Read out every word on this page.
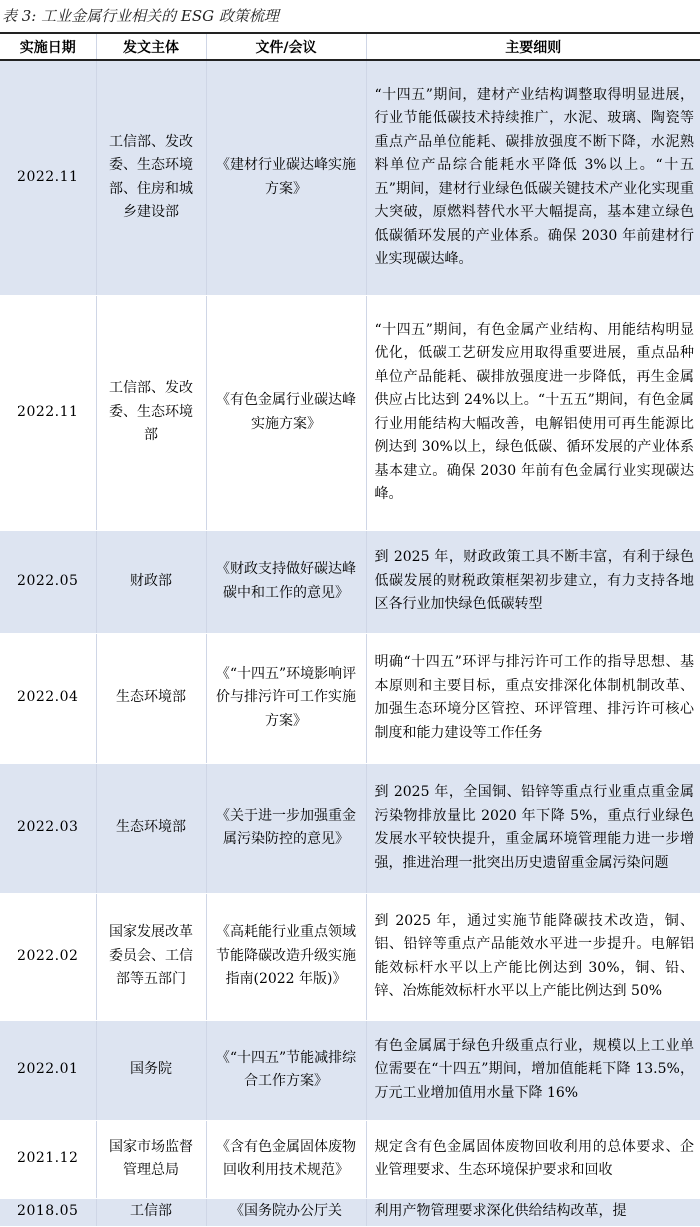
表 3: 工业金属行业相关的 ESG 政策梳理
实施日期	发文主体	文件/会议	主要细则
2022.11	工信部、发改委、生态环境部、住房和城乡建设部	《建材行业碳达峰实施方案》	“十四五”期间，建材产业结构调整取得明显进展，行业节能低碳技术持续推广，水泥、玻璃、陶瓷等重点产品单位能耗、碳排放强度不断下降，水泥熟料单位产品综合能耗水平降低 3%以上。“十五五”期间，建材行业绿色低碳关键技术产业化实现重大突破，原燃料替代水平大幅提高，基本建立绿色低碳循环发展的产业体系。确保 2030 年前建材行业实现碳达峰。
2022.11	工信部、发改委、生态环境部	《有色金属行业碳达峰实施方案》	“十四五”期间，有色金属产业结构、用能结构明显优化，低碳工艺研发应用取得重要进展，重点品种单位产品能耗、碳排放强度进一步降低，再生金属供应占比达到 24%以上。“十五五”期间，有色金属行业用能结构大幅改善，电解铝使用可再生能源比例达到 30%以上，绿色低碳、循环发展的产业体系基本建立。确保 2030 年前有色金属行业实现碳达峰。
2022.05	财政部	《财政支持做好碳达峰碳中和工作的意见》	到 2025 年，财政政策工具不断丰富，有利于绿色低碳发展的财税政策框架初步建立，有力支持各地区各行业加快绿色低碳转型
2022.04	生态环境部	《“十四五”环境影响评价与排污许可工作实施方案》	明确“十四五”环评与排污许可工作的指导思想、基本原则和主要目标，重点安排深化体制机制改革、加强生态环境分区管控、环评管理、排污许可核心制度和能力建设等工作任务
2022.03	生态环境部	《关于进一步加强重金属污染防控的意见》	到 2025 年，全国铜、铅锌等重点行业重点重金属污染物排放量比 2020 年下降 5%，重点行业绿色发展水平较快提升，重金属环境管理能力进一步增强，推进治理一批突出历史遗留重金属污染问题
2022.02	国家发展改革委员会、工信部等五部门	《高耗能行业重点领域节能降碳改造升级实施指南(2022 年版)》	到 2025 年，通过实施节能降碳技术改造，铜、铝、铅锌等重点产品能效水平进一步提升。电解铝能效标杆水平以上产能比例达到 30%，铜、铅、锌、冶炼能效标杆水平以上产能比例达到 50%
2022.01	国务院	《“十四五”节能减排综合工作方案》	有色金属属于绿色升级重点行业，规模以上工业单位需要在“十四五”期间，增加值能耗下降 13.5%，万元工业增加值用水量下降 16%
2021.12	国家市场监督管理总局	《含有色金属固体废物回收利用技术规范》	规定含有色金属固体废物回收利用的总体要求、企业管理要求、生态环境保护要求和回收
2018.05	工信部	《国务院办公厅关	利用产物管理要求深化供给结构改革，提
